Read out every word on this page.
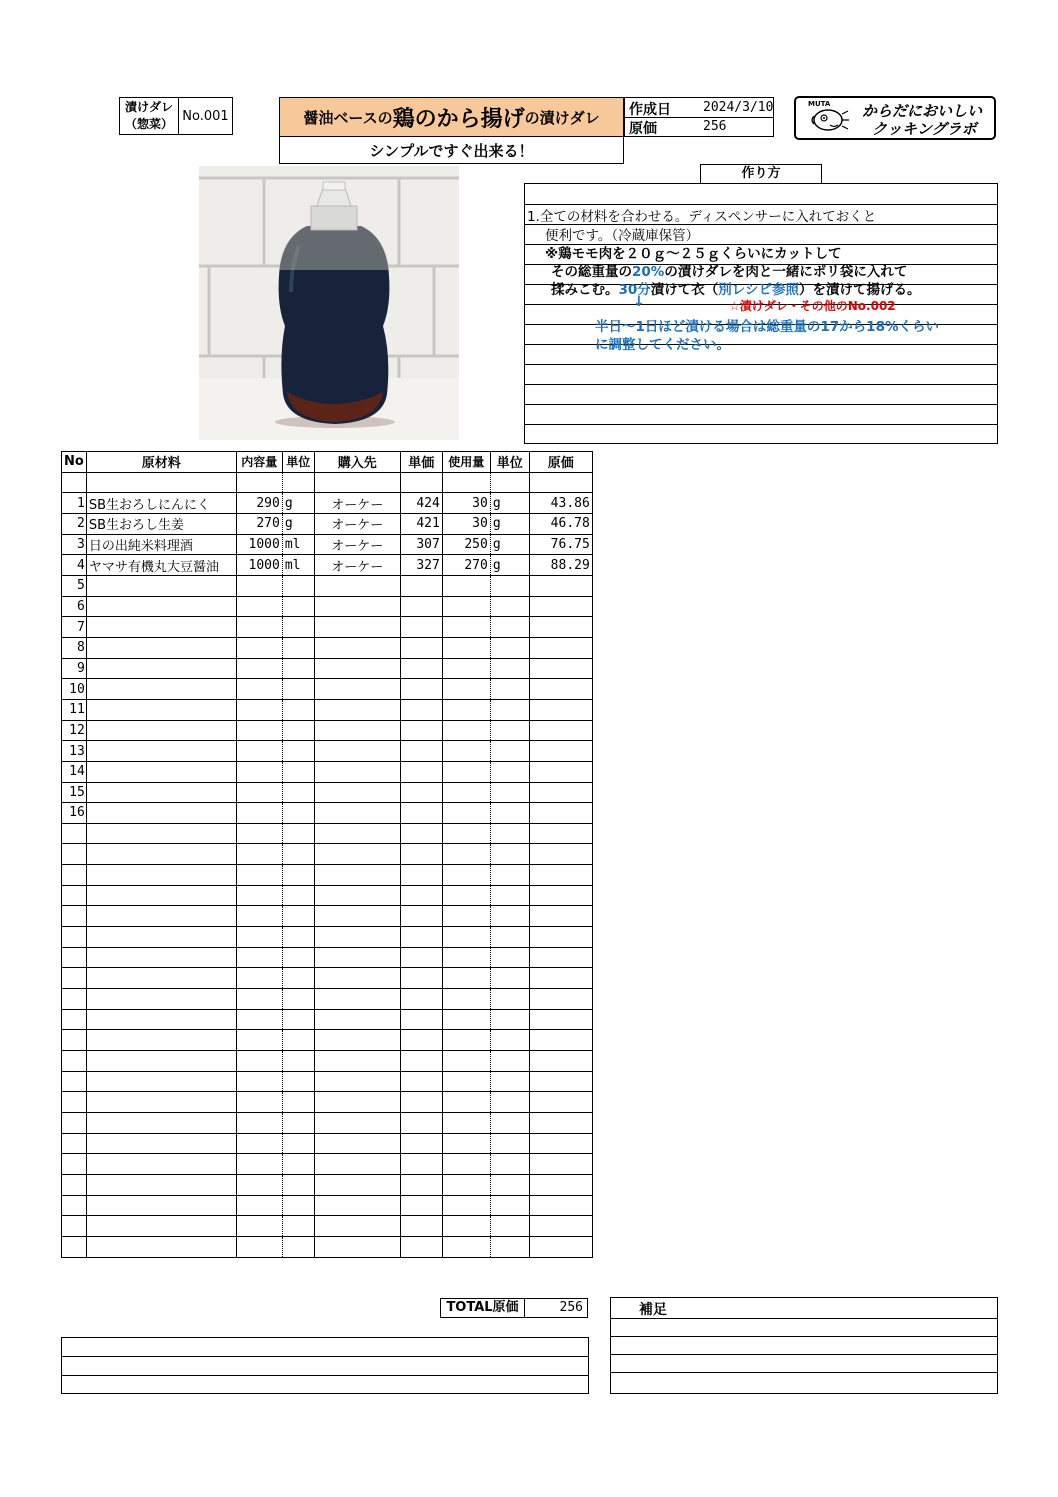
漬けダレ
（惣菜）
No.001	醤油ベースの 鶏のから揚げ の漬けダレ
シンプルですぐ出来る！
作成日 2024/3/10
原価	256
MUTA からだにおいしい
クッキングラボ
作り方
1.全ての材料を合わせる。ディスペンサーに入れておくと
便利です。（冷蔵庫保管）
※鶏モモ肉を２０ｇ～２５ｇくらいにカットして
その総重量の20%の漬けダレを肉と一緒にポリ袋に入れて
揉みこむ。30分漬けて衣（別レシピ参照）を漬けて揚げる。
↓	☆漬けダレ・その他のNo.002
半日～1日ほど漬ける場合は総重量の17から18%くらい
に調整してください。
No	原材料	内容量	単位	購入先	単価	使用量	単位	原価

1	SB生おろしにんにく	290	g	オーケー	424	30	g	43.86
2	SB生おろし生姜	270	g	オーケー	421	30	g	46.78
3	日の出純米料理酒	1000	ml	オーケー	307	250	g	76.75
4	ヤマサ有機丸大豆醤油	1000	ml	オーケー	327	270	g	88.29
5								
6								
7								
8								
9								
10								
11								
12								
13								
14								
15								
16								

TOTAL原価	256	補足
